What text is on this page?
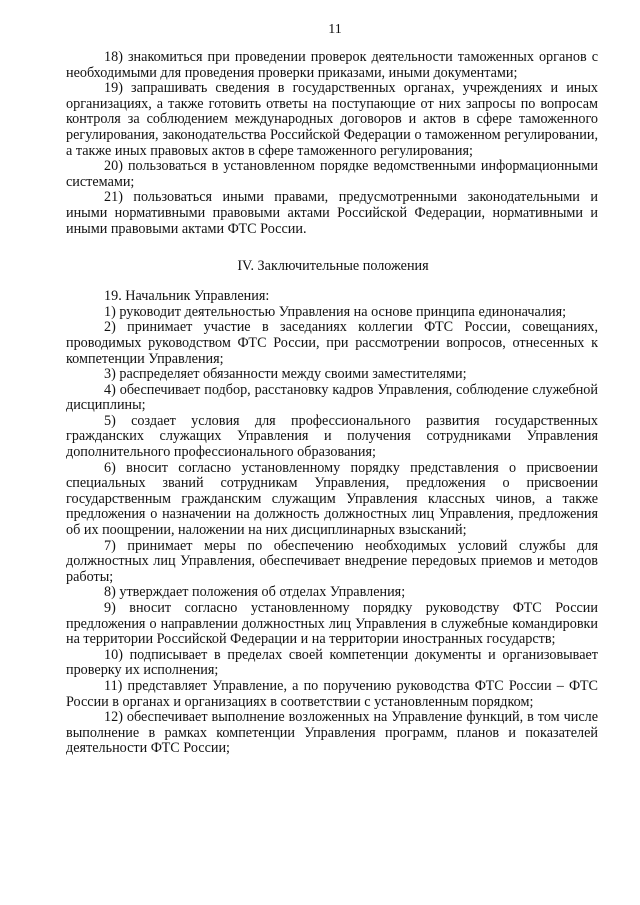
11

18) знакомиться при проведении проверок деятельности таможенных органов с необходимыми для проведения проверки приказами, иными документами;

19) запрашивать сведения в государственных органах, учреждениях и иных организациях, а также готовить ответы на поступающие от них запросы по вопросам контроля за соблюдением международных договоров и актов в сфере таможенного регулирования, законодательства Российской Федерации о таможенном регулировании, а также иных правовых актов в сфере таможенного регулирования;

20) пользоваться в установленном порядке ведомственными информационными системами;

21) пользоваться иными правами, предусмотренными законодательными и иными нормативными правовыми актами Российской Федерации, нормативными и иными правовыми актами ФТС России.

IV. Заключительные положения

19. Начальник Управления:

1) руководит деятельностью Управления на основе принципа единоначалия;

2) принимает участие в заседаниях коллегии ФТС России, совещаниях, проводимых руководством ФТС России, при рассмотрении вопросов, отнесенных к компетенции Управления;

3) распределяет обязанности между своими заместителями;

4) обеспечивает подбор, расстановку кадров Управления, соблюдение служебной дисциплины;

5) создает условия для профессионального развития государственных гражданских служащих Управления и получения сотрудниками Управления дополнительного профессионального образования;

6) вносит согласно установленному порядку представления о присвоении специальных званий сотрудникам Управления, предложения о присвоении государственным гражданским служащим Управления классных чинов, а также предложения о назначении на должность должностных лиц Управления, предложения об их поощрении, наложении на них дисциплинарных взысканий;

7) принимает меры по обеспечению необходимых условий службы для должностных лиц Управления, обеспечивает внедрение передовых приемов и методов работы;

8) утверждает положения об отделах Управления;

9) вносит согласно установленному порядку руководству ФТС России предложения о направлении должностных лиц Управления в служебные командировки на территории Российской Федерации и на территории иностранных государств;

10) подписывает в пределах своей компетенции документы и организовывает проверку их исполнения;

11) представляет Управление, а по поручению руководства ФТС России – ФТС России в органах и организациях в соответствии с установленным порядком;

12) обеспечивает выполнение возложенных на Управление функций, в том числе выполнение в рамках компетенции Управления программ, планов и показателей деятельности ФТС России;
